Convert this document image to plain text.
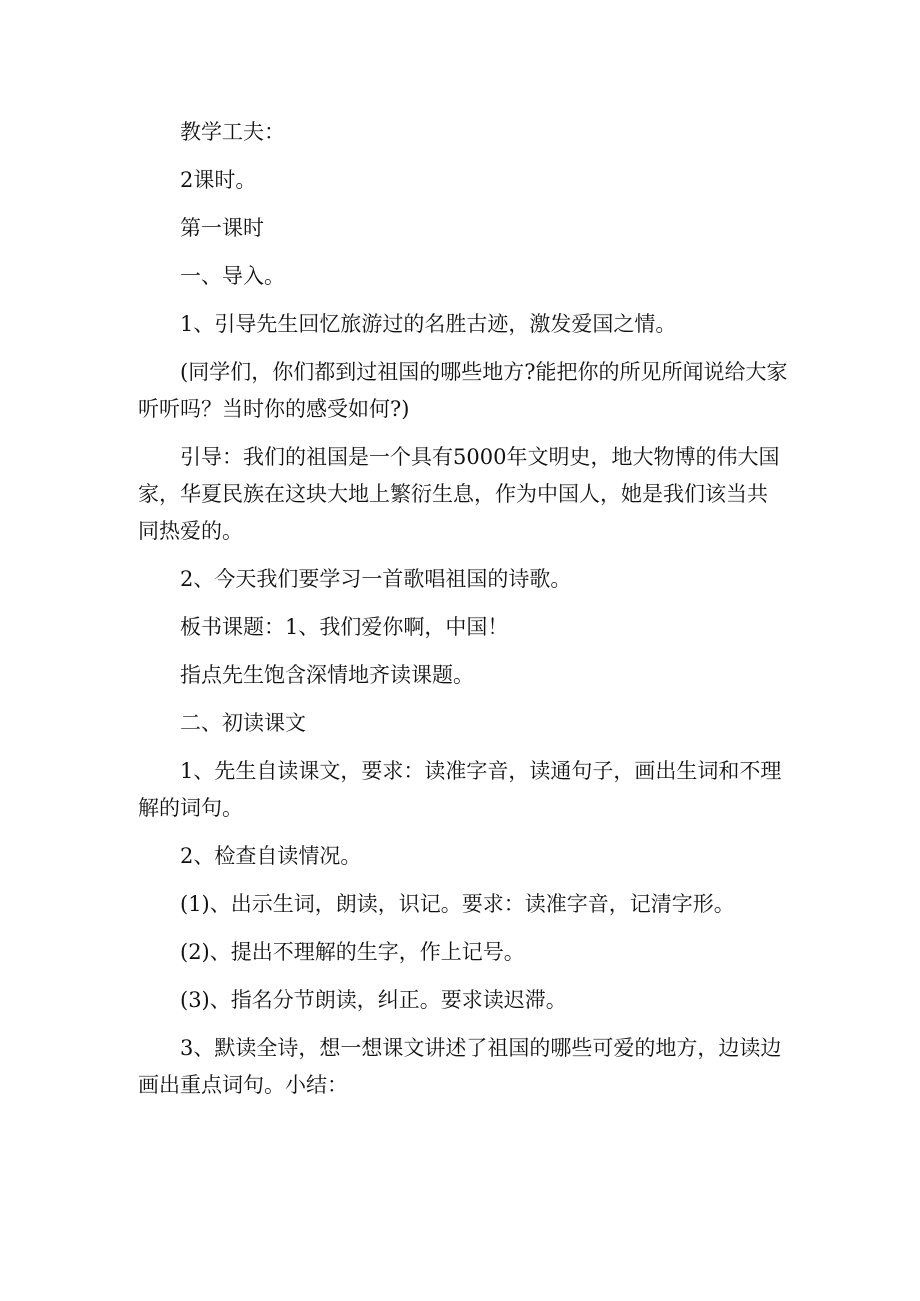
教学工夫：

2课时。

第一课时

一、导入。

1、引导先生回忆旅游过的名胜古迹，激发爱国之情。

(同学们，你们都到过祖国的哪些地方?能把你的所见所闻说给大家听听吗？当时你的感受如何?)

引导：我们的祖国是一个具有5000年文明史，地大物博的伟大国家，华夏民族在这块大地上繁衍生息，作为中国人，她是我们该当共同热爱的。

2、今天我们要学习一首歌唱祖国的诗歌。

板书课题：1、我们爱你啊，中国！

指点先生饱含深情地齐读课题。

二、初读课文

1、先生自读课文，要求：读准字音，读通句子，画出生词和不理解的词句。

2、检查自读情况。

(1)、出示生词，朗读，识记。要求：读准字音，记清字形。

(2)、提出不理解的生字，作上记号。

(3)、指名分节朗读，纠正。要求读迟滞。

3、默读全诗，想一想课文讲述了祖国的哪些可爱的地方，边读边画出重点词句。小结：
